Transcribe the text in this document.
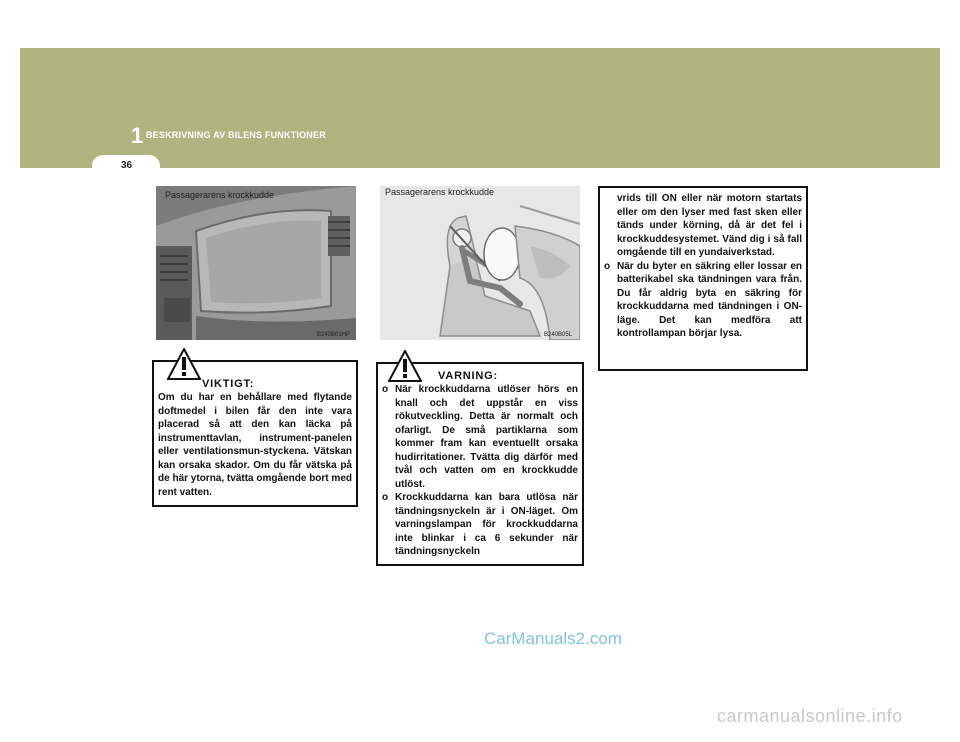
1 BESKRIVNING AV BILENS FUNKTIONER
36
Passagerarens krockkudde
B240B01HP
Passagerarens krockkudde
B240B05L
VIKTIGT:
Om du har en behållare med flytande doftmedel i bilen får den inte vara placerad så att den kan läcka på instrumenttavlan, instrument-panelen eller ventilationsmun-styckena. Vätskan kan orsaka skador. Om du får vätska på de här ytorna, tvätta omgående bort med rent vatten.
VARNING:

o När krockkuddarna utlöser hörs en knall och det uppstår en viss rökutveckling. Detta är normalt och ofarligt. De små partiklarna som kommer fram kan eventuellt orsaka hudirritationer. Tvätta dig därför med tvål och vatten om en krockkudde utlöst.

o Krockkuddarna kan bara utlösa när tändningsnyckeln är i ON-läget. Om varningslampan för krockkuddarna inte blinkar i ca 6 sekunder när tändningsnyckeln

vrids till ON eller när motorn startats eller om den lyser med fast sken eller tänds under körning, då är det fel i krockkuddesystemet. Vänd dig i så fall omgående till en yundaiverkstad.

o När du byter en säkring eller lossar en batterikabel ska tändningen vara från. Du får aldrig byta en säkring för krockkuddarna med tändningen i ON-läge. Det kan medföra att kontrollampan börjar lysa.

CarManuals2.com
carmanualsonline.info
